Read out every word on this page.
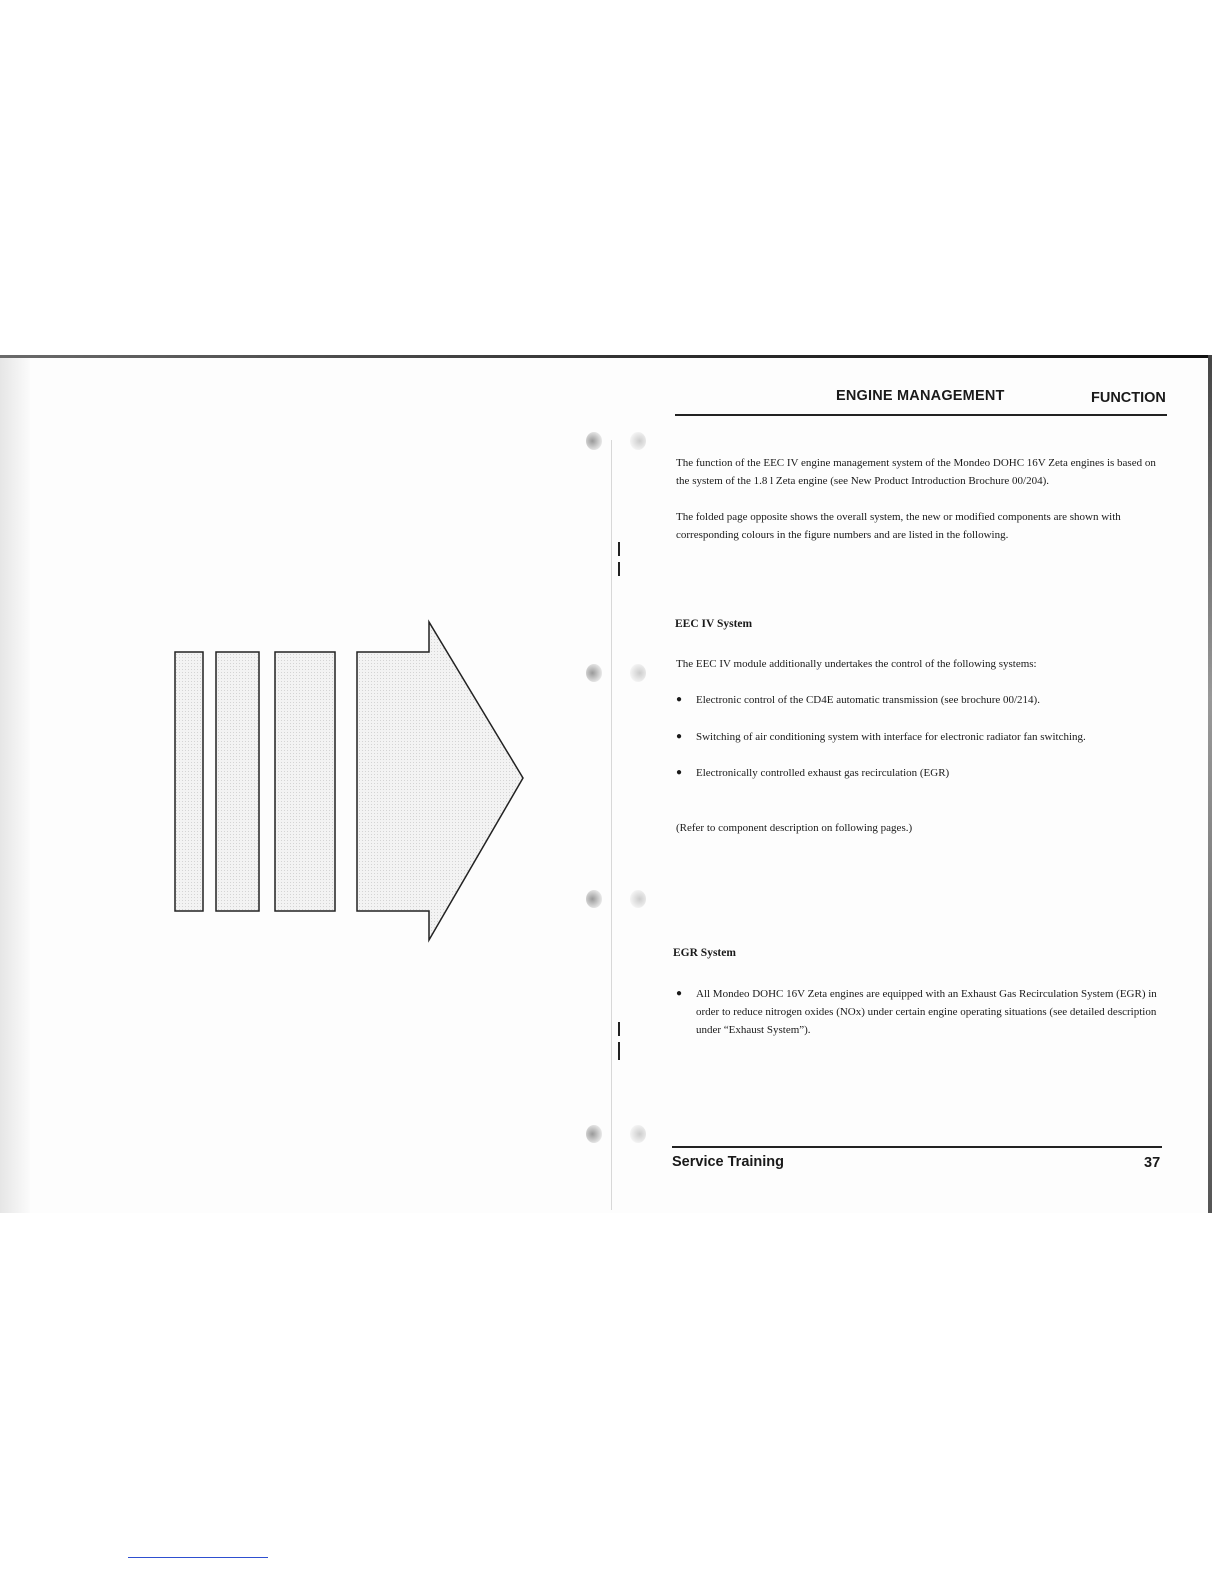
ENGINE MANAGEMENT	FUNCTION
The function of the EEC IV engine management system of the Mondeo DOHC 16V Zeta engines is based on the system of the 1.8 l Zeta engine (see New Product Introduction Brochure 00/204).
The folded page opposite shows the overall system, the new or modified components are shown with corresponding colours in the figure numbers and are listed in the following.
EEC IV System
The EEC IV module additionally undertakes the control of the following systems:
●	Electronic control of the CD4E automatic transmission (see brochure 00/214).
●	Switching of air conditioning system with interface for electronic radiator fan switching.
●	Electronically controlled exhaust gas recirculation (EGR)
(Refer to component description on following pages.)
EGR System
●	All Mondeo DOHC 16V Zeta engines are equipped with an Exhaust Gas Recirculation System (EGR) in order to reduce nitrogen oxides (NOx) under certain engine operating situations (see detailed description under “Exhaust System”).
Service Training	37
